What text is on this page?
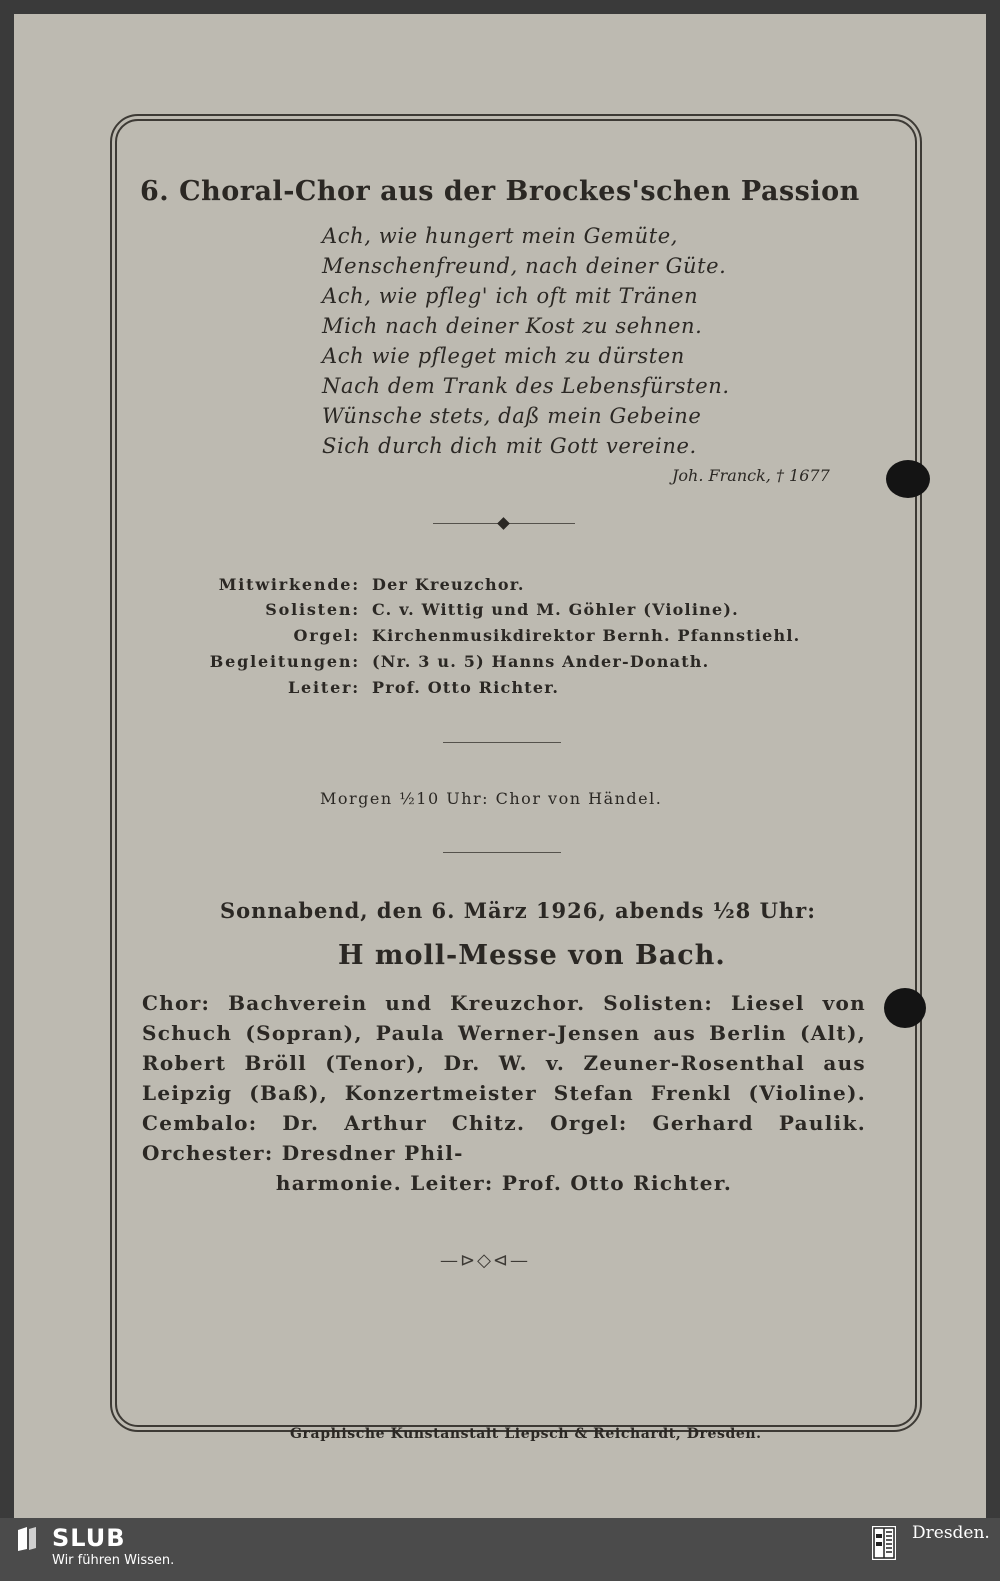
6. Choral-Chor aus der Brockes'schen Passion
Ach, wie hungert mein Gemüte,
Menschenfreund, nach deiner Güte.
Ach, wie pfleg' ich oft mit Tränen
Mich nach deiner Kost zu sehnen.
Ach wie pfleget mich zu dürsten
Nach dem Trank des Lebensfürsten.
Wünsche stets, daß mein Gebeine
Sich durch dich mit Gott vereine.
Joh. Franck, † 1677
Mitwirkende: Der Kreuzchor.
Solisten: C. v. Wittig und M. Göhler (Violine).
Orgel: Kirchenmusikdirektor Bernh. Pfannstiehl.
Begleitungen: (Nr. 3 u. 5) Hanns Ander-Donath.
Leiter: Prof. Otto Richter.
Morgen ½10 Uhr: Chor von Händel.
Sonnabend, den 6. März 1926, abends ½8 Uhr:
H moll-Messe von Bach.
Chor: Bachverein und Kreuzchor. Solisten: Liesel von Schuch (Sopran), Paula Werner-Jensen aus Berlin (Alt), Robert Bröll (Tenor), Dr. W. v. Zeuner-Rosenthal aus Leipzig (Baß), Konzertmeister Stefan Frenkl (Violine). Cembalo: Dr. Arthur Chitz. Orgel: Gerhard Paulik. Orchester: Dresdner Phil-
harmonie. Leiter: Prof. Otto Richter.
—⊳◇⊲—
Graphische Kunstanstalt Liepsch & Reichardt, Dresden.
SLUB
Wir führen Wissen.
Dresden.
